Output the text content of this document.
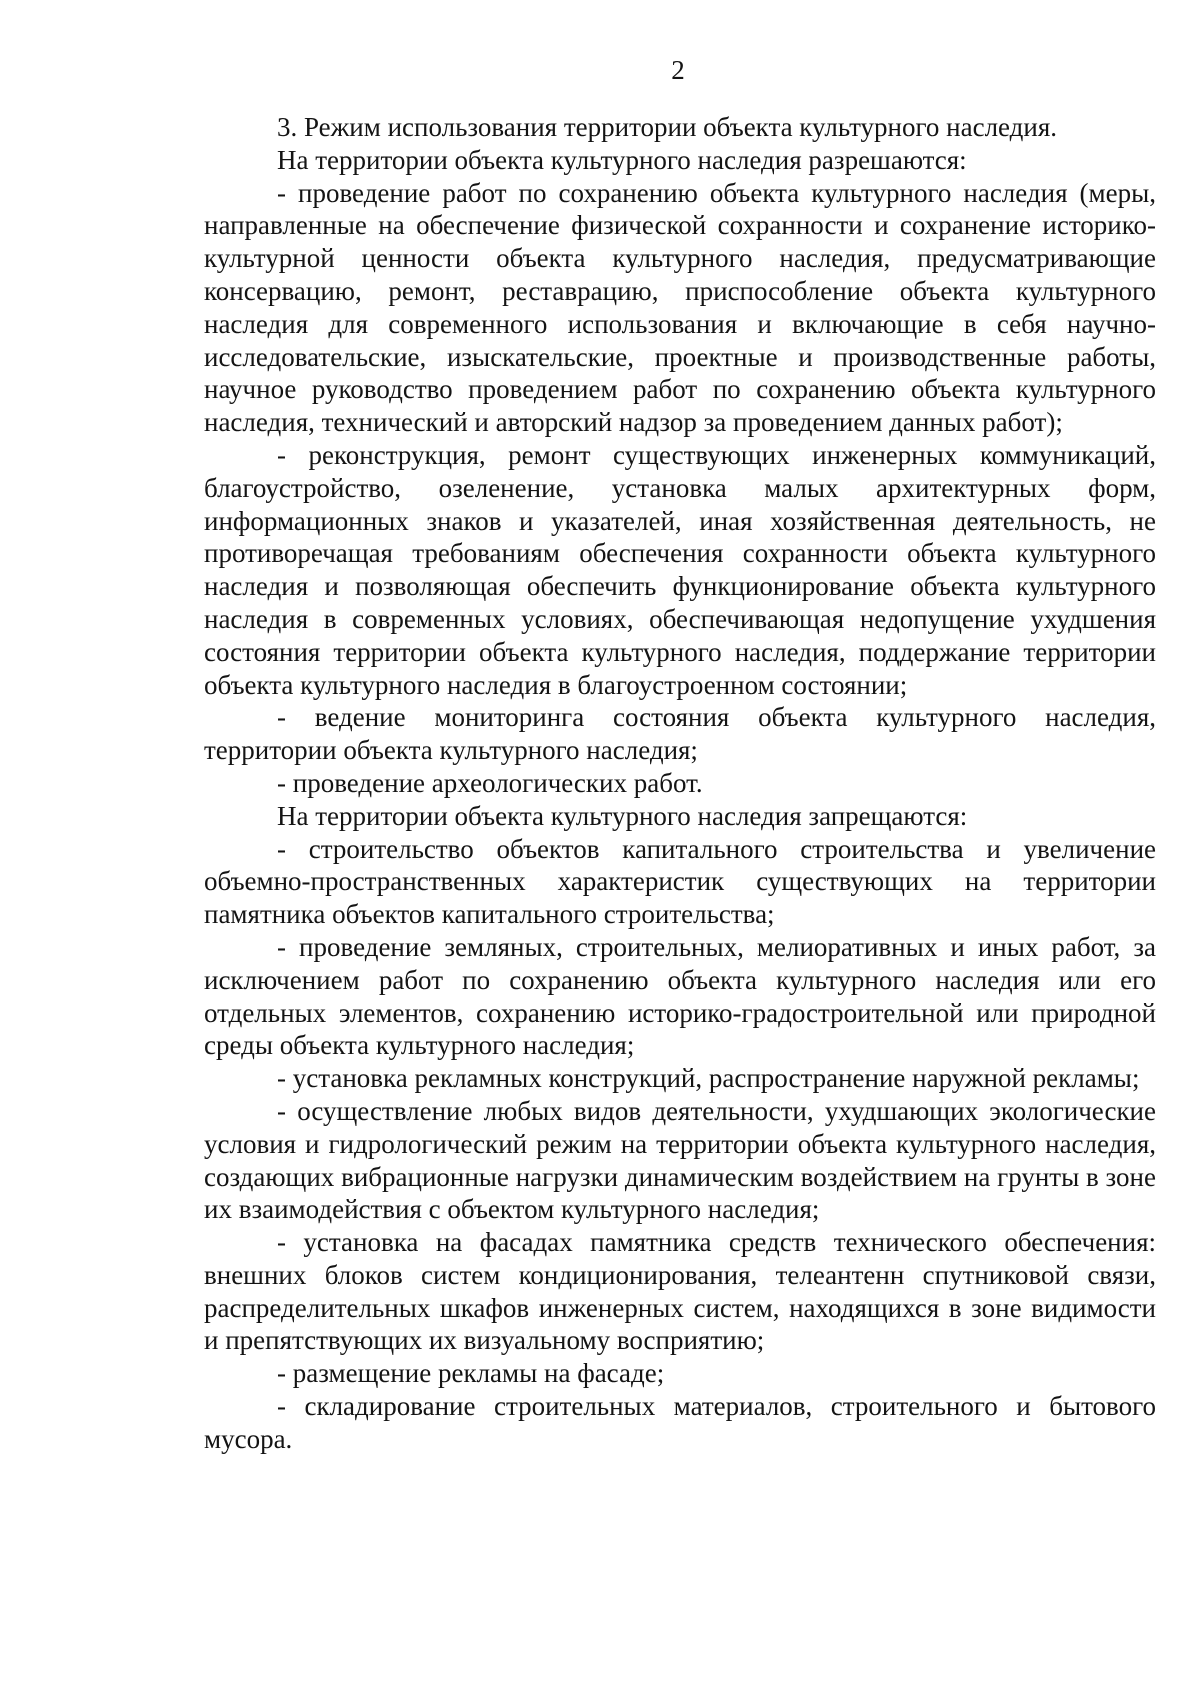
2

3. Режим использования территории объекта культурного наследия.

На территории объекта культурного наследия разрешаются:

- проведение работ по сохранению объекта культурного наследия (меры, направленные на обеспечение физической сохранности и сохранение историко-культурной ценности объекта культурного наследия, предусматривающие консервацию, ремонт, реставрацию, приспособление объекта культурного наследия для современного использования и включающие в себя научно-исследовательские, изыскательские, проектные и производственные работы, научное руководство проведением работ по сохранению объекта культурного наследия, технический и авторский надзор за проведением данных работ);

- реконструкция, ремонт существующих инженерных коммуникаций, благоустройство, озеленение, установка малых архитектурных форм, информационных знаков и указателей, иная хозяйственная деятельность, не противоречащая требованиям обеспечения сохранности объекта культурного наследия и позволяющая обеспечить функционирование объекта культурного наследия в современных условиях, обеспечивающая недопущение ухудшения состояния территории объекта культурного наследия, поддержание территории объекта культурного наследия в благоустроенном состоянии;

- ведение мониторинга состояния объекта культурного наследия, территории объекта культурного наследия;

- проведение археологических работ.

На территории объекта культурного наследия запрещаются:

- строительство объектов капитального строительства и увеличение объемно-пространственных характеристик существующих на территории памятника объектов капитального строительства;

- проведение земляных, строительных, мелиоративных и иных работ, за исключением работ по сохранению объекта культурного наследия или его отдельных элементов, сохранению историко-градостроительной или природной среды объекта культурного наследия;

- установка рекламных конструкций, распространение наружной рекламы;

- осуществление любых видов деятельности, ухудшающих экологические условия и гидрологический режим на территории объекта культурного наследия, создающих вибрационные нагрузки динамическим воздействием на грунты в зоне их взаимодействия с объектом культурного наследия;

- установка на фасадах памятника средств технического обеспечения: внешних блоков систем кондиционирования, телеантенн спутниковой связи, распределительных шкафов инженерных систем, находящихся в зоне видимости и препятствующих их визуальному восприятию;

- размещение рекламы на фасаде;

- складирование строительных материалов, строительного и бытового мусора.
